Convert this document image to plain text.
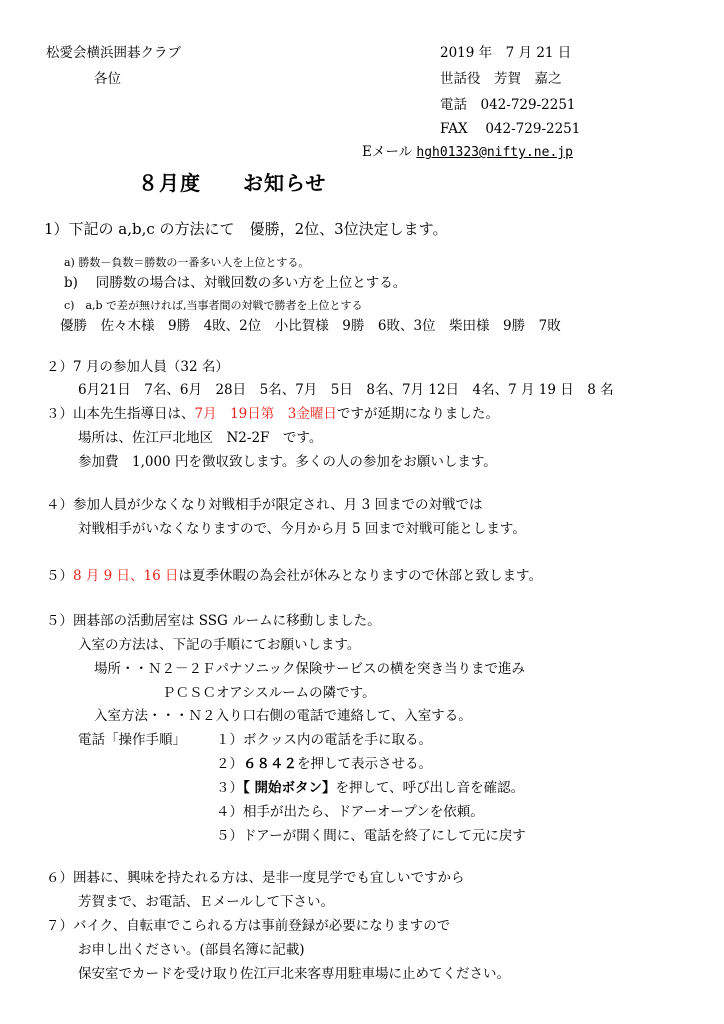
松愛会横浜囲碁クラブ
各位
2019 年　7 月 21 日
世話役　芳賀　嘉之
電話　042-729-2251
FAX　 042-729-2251
Eメール hgh01323@nifty.ne.jp
８月度　　お知らせ
1）下記の a,b,c の方法にて　優勝，2位、3位決定します。
a) 勝数－負数＝勝数の一番多い人を上位とする。
b)　 同勝数の場合は、対戦回数の多い方を上位とする。
c)　a,b で差が無ければ,当事者間の対戦で勝者を上位とする
優勝　佐々木様　9勝　4敗、2位　小比賀様　9勝　6敗、3位　柴田様　9勝　7敗
２）7 月の参加人員（32 名）
6月21日　7名、6月　28日　5名、7月　5日　8名、7月 12日　4名、7 月 19 日　8 名
３）山本先生指導日は、7月　19日第　3金曜日ですが延期になりました。
場所は、佐江戸北地区　N2-2F　です。
参加費　1,000 円を徴収致します。多くの人の参加をお願いします。
４）参加人員が少なくなり対戦相手が限定され、月 3 回までの対戦では
対戦相手がいなくなりますので、今月から月 5 回まで対戦可能とします。
５）8 月 9 日、16 日は夏季休暇の為会社が休みとなりますので休部と致します。
５）囲碁部の活動居室は SSG ルームに移動しました。
入室の方法は、下記の手順にてお願いします。
場所・・Ｎ２－２Ｆパナソニック保険サービスの横を突き当りまで進み
ＰＣＳＣオアシスルームの隣です。
入室方法・・・Ｎ２入り口右側の電話で連絡して、入室する。
電話「操作手順」 １）ボクッス内の電話を手に取る。
２）６８４２を押して表示させる。
３）【 開始ボタン】を押して、呼び出し音を確認。
４）相手が出たら、ドアーオープンを依頼。
５）ドアーが開く間に、電話を終了にして元に戻す
６）囲碁に、興味を持たれる方は、是非一度見学でも宜しいですから
芳賀まで、お電話、Ｅメールして下さい。
７）バイク、自転車でこられる方は事前登録が必要になりますので
お申し出ください。(部員名簿に記載)
保安室でカードを受け取り佐江戸北来客専用駐車場に止めてください。
